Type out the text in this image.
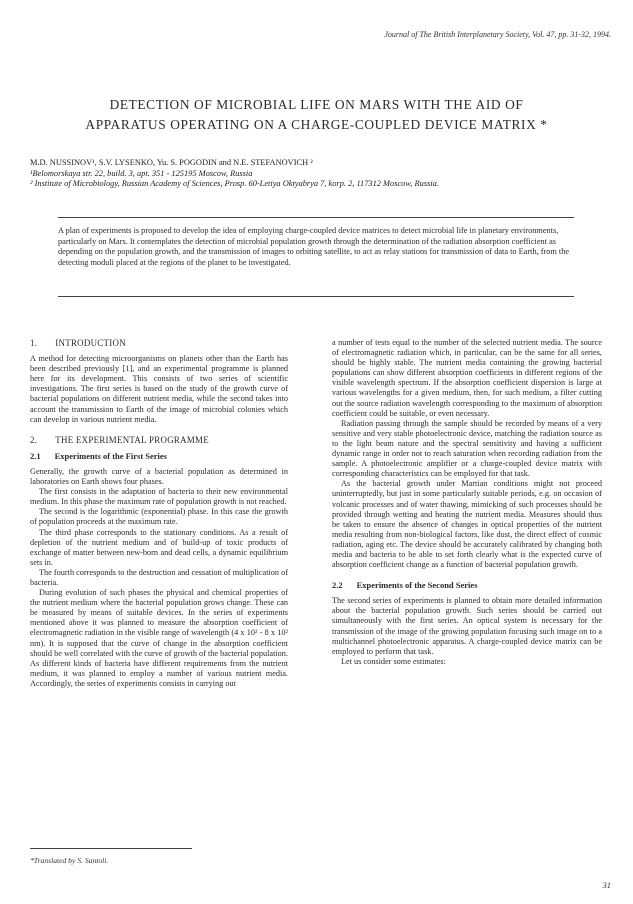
Journal of The British Interplanetary Society, Vol. 47, pp. 31-32, 1994.
DETECTION OF MICROBIAL LIFE ON MARS WITH THE AID OF
APPARATUS OPERATING ON A CHARGE-COUPLED DEVICE MATRIX *
M.D. NUSSINOV¹, S.V. LYSENKO, Yu. S. POGODIN and N.E. STEFANOVICH ²
¹Belomorskaya str. 22, build. 3, apt. 351 - 125195 Moscow, Russia
² Institute of Microbiology, Russian Academy of Sciences, Prosp. 60-Letiya Oktyabrya 7, korp. 2, 117312 Moscow, Russia.
A plan of experiments is proposed to develop the idea of employing charge-coupled device matrices to detect microbial life in planetary environments, particularly on Mars. It contemplates the detection of microbial population growth through the determination of the radiation absorption coefficient as depending on the population growth, and the transmission of images to orbiting satellite, to act as relay stations for transmission of data to Earth, from the detecting moduli placed at the regions of the planet to be investigated.
1. INTRODUCTION

A method for detecting microorganisms on planets other than the Earth has been described previously [1], and an experimental programme is planned here for its development. This consists of two series of scientific investigations. The first series is based on the study of the growth curve of bacterial populations on different nutrient media, while the second takes into account the transmission to Earth of the image of microbial colonies which can develop in various nutrient media.

2. THE EXPERIMENTAL PROGRAMME
2.1 Experiments of the First Series

Generally, the growth curve of a bacterial population as determined in laboratories on Earth shows four phases.

The first consists in the adaptation of bacteria to their new environmental medium. In this phase the maximum rate of population growth is not reached.

The second is the logarithmic (exponential) phase. In this case the growth of population proceeds at the maximum rate.

The third phase corresponds to the stationary conditions. As a result of depletion of the nutrient medium and of build-up of toxic products of exchange of matter between new-born and dead cells, a dynamic equilibrium sets in.

The fourth corresponds to the destruction and cessation of multiplication of bacteria.

During evolution of such phases the physical and chemical properties of the nutrient medium where the bacterial population grows change. These can be measured by means of suitable devices. In the series of experiments mentioned above it was planned to measure the absorption coefficient of electromagnetic radiation in the visible range of wavelength (4 x 10² - 8 x 10² nm). It is supposed that the curve of change in the absorption coefficient should be well correlated with the curve of growth of the bacterial population. As different kinds of bacteria have different requirements from the nutrient medium, it was planned to employ a number of various nutrient media. Accordingly, the series of experiments consists in carrying out

a number of tests equal to the number of the selected nutrient media. The source of electromagnetic radiation which, in particular, can be the same for all series, should be highly stable. The nutrient media containing the growing bacterial populations can show different absorption coefficients in different regions of the visible wavelength spectrum. If the absorption coefficient dispersion is large at various wavelengths for a given medium, then, for such medium, a filter cutting out the source radiation wavelength corresponding to the maximum of absorption coefficient could be suitable, or even necessary.

Radiation passing through the sample should be recorded by means of a very sensitive and very stable photoelectronic device, matching the radiation source as to the light beam nature and the spectral sensitivity and having a sufficient dynamic range in order not to reach saturation when recording radiation from the sample. A photoelectronic amplifier or a charge-coupled device matrix with corresponding characteristics can be employed for that task.

As the bacterial growth under Martian conditions might not proceed uninterruptedly, but just in some particularly suitable periods, e.g. on occasion of volcanic processes and of water thawing, mimicking of such processes should be provided through wetting and heating the nutrient media. Measures should thus be taken to ensure the absence of changes in optical properties of the nutrient media resulting from non-biological factors, like dust, the direct effect of cosmic radiation, aging etc. The device should be accurately calibrated by changing both media and bacteria to be able to set forth clearly what is the expected curve of absorption coefficient change as a function of bacterial population growth.

2.2 Experiments of the Second Series

The second series of experiments is planned to obtain more detailed information about the bacterial population growth. Such series should be carried out simultaneously with the first series. An optical system is necessary for the transmission of the image of the growing population focusing such image on to a multichannel photoelectronic apparatus. A charge-coupled device matrix can be employed to perform that task.

Let us consider some estimates:

*Translated by S. Santoli.
31
